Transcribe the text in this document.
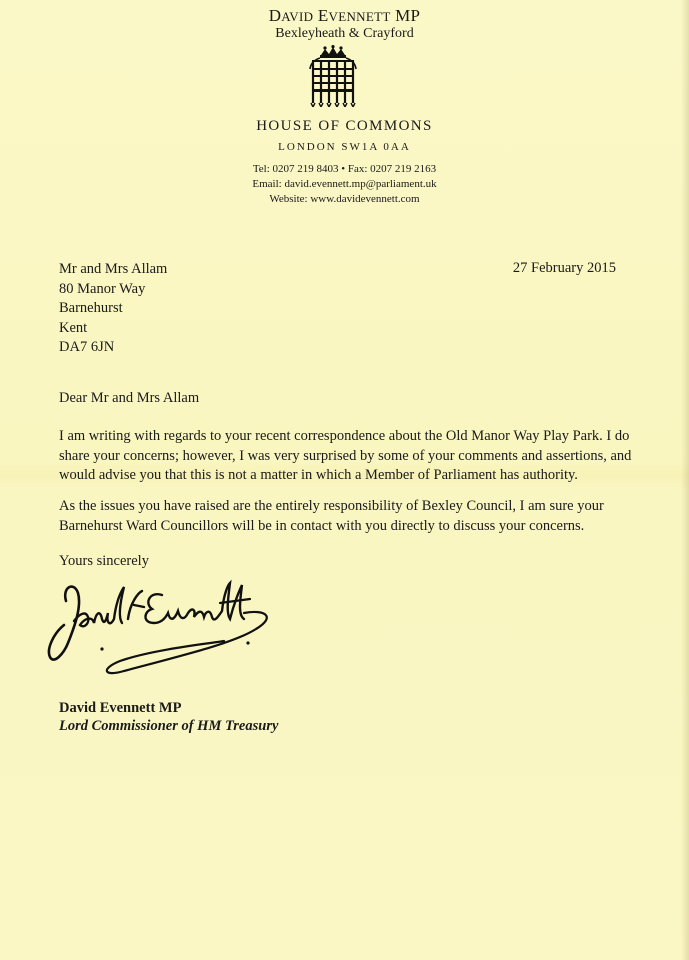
DAVID EVENNETT MP
Bexleyheath & Crayford
HOUSE OF COMMONS
LONDON SW1A 0AA
Tel: 0207 219 8403 • Fax: 0207 219 2163
Email: david.evennett.mp@parliament.uk
Website: www.davidevennett.com
Mr and Mrs Allam
80 Manor Way
Barnehurst
Kent
DA7 6JN
27 February 2015
Dear Mr and Mrs Allam
I am writing with regards to your recent correspondence about the Old Manor Way Play Park. I do
share your concerns; however, I was very surprised by some of your comments and assertions, and
would advise you that this is not a matter in which a Member of Parliament has authority.
As the issues you have raised are the entirely responsibility of Bexley Council, I am sure your
Barnehurst Ward Councillors will be in contact with you directly to discuss your concerns.
Yours sincerely
David Evennett MP
Lord Commissioner of HM Treasury
